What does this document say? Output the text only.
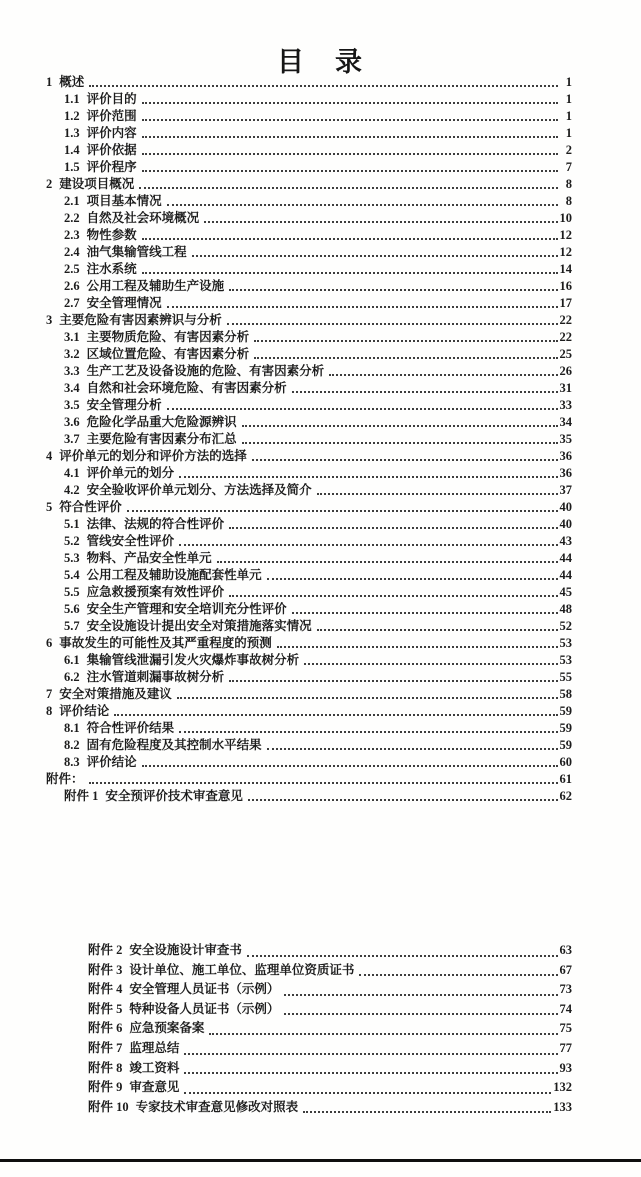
目　录
1 概述	1
1.1 评价目的	1
1.2 评价范围	1
1.3 评价内容	1
1.4 评价依据	2
1.5 评价程序	7
2 建设项目概况	8
2.1 项目基本情况	8
2.2 自然及社会环境概况	10
2.3 物性参数	12
2.4 油气集输管线工程	12
2.5 注水系统	14
2.6 公用工程及辅助生产设施	16
2.7 安全管理情况	17
3 主要危险有害因素辨识与分析	22
3.1 主要物质危险、有害因素分析	22
3.2 区域位置危险、有害因素分析	25
3.3 生产工艺及设备设施的危险、有害因素分析	26
3.4 自然和社会环境危险、有害因素分析	31
3.5 安全管理分析	33
3.6 危险化学品重大危险源辨识	34
3.7 主要危险有害因素分布汇总	35
4 评价单元的划分和评价方法的选择	36
4.1 评价单元的划分	36
4.2 安全验收评价单元划分、方法选择及简介	37
5 符合性评价	40
5.1 法律、法规的符合性评价	40
5.2 管线安全性评价	43
5.3 物料、产品安全性单元	44
5.4 公用工程及辅助设施配套性单元	44
5.5 应急救援预案有效性评价	45
5.6 安全生产管理和安全培训充分性评价	48
5.7 安全设施设计提出安全对策措施落实情况	52
6 事故发生的可能性及其严重程度的预测	53
6.1 集输管线泄漏引发火灾爆炸事故树分析	53
6.2 注水管道刺漏事故树分析	55
7 安全对策措施及建议	58
8 评价结论	59
8.1 符合性评价结果	59
8.2 固有危险程度及其控制水平结果	59
8.3 评价结论	60
附件：	61
附件 1 安全预评价技术审查意见	62
附件 2 安全设施设计审查书	63
附件 3 设计单位、施工单位、监理单位资质证书	67
附件 4 安全管理人员证书（示例）	73
附件 5 特种设备人员证书（示例）	74
附件 6 应急预案备案	75
附件 7 监理总结	77
附件 8 竣工资料	93
附件 9 审查意见	132
附件 10 专家技术审查意见修改对照表	133
